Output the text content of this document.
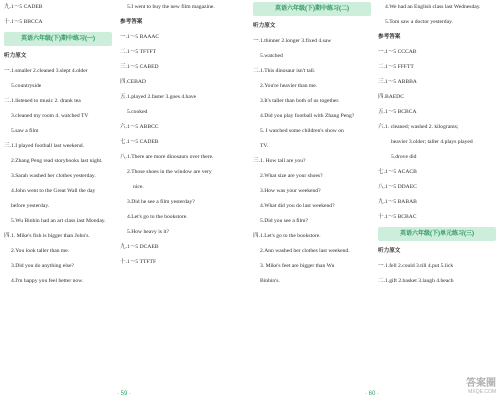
九.1～5 CADEB
十.1～5 BBCCA
英语六年级(下)期中练习(一)
听力原文
一.1.smaller 2.cleaned 3.slept 4.older
5.countryside
二.1.listened to music 2. drank tea
3.cleaned my room 4. watched TV
5.saw a film
三.1.I played football last weekend.
2.Zhang Peng read storybooks last night.
3.Sarah washed her clothes yesterday.
4.John went to the Great Wall the day
before yesterday.
5.Wu Binbin had an art class last Monday.
四.1. Mike's fish is bigger than John's.
2.You look taller than me.
3.Did you do anything else?
4.I'm happy you feel better now.
5.I went to buy the new film magazine.
参考答案
一.1～5 BAAAC
二.1～5 TFTFT
三.1～5 CABED
四.CEBAD
五.1.played 2.faster 3.goes 4.have
5.cooked
六.1～5 ABBCC
七.1～5 CADEB
八.1.There are more dinosaurs over there.
2.Those shoes in the window are very
nice.
3.Did he see a film yesterday?
4.Let's go to the bookstore.
5.How heavy is it?
九.1～5 DCAEB
十.1～5 TTFTF
· 59 ·
英语六年级(下)期中练习(二)
听力原文
一.1.thinner 2.longer 3.fixed 4.saw
5.watched
二.1.This dinosaur isn't tall.
2.You're heavier than me.
3.It's taller than both of us together.
4.Did you play football with Zhang Peng?
5. I watched some children's show on
TV.
三.1. How tall are you?
2.What size are your shoes?
3.How was your weekend?
4.What did you do last weekend?
5.Did you see a film?
四.1.Let's go to the bookstore.
2.Ann washed her clothes last weekend.
3. Mike's feet are bigger than Wu
Binbin's.
4.We had an English class last Wednesday.
5.Tom saw a doctor yesterday.
参考答案
一.1～5 CCCAB
二.1～5 FFFTT
三.1～5 ABBBA
四.BAEDC
五.1～5 BCBCA
六.1. cleaned; washed 2. kilograms;
heavier 3.older; taller 4.plays played
5.drove did
七.1～5 ACACB
八.1～5 DDAEC
九.1～5 BABAB
十.1～5 BCBAC
英语六年级(下)单元练习(三)
听力原文
一.1.fell 2.could 3.till 4.put 5.lick
二.1.gift 2.basket 3.laugh 4.beach
· 60 ·
答案圈
MXQE.COM
